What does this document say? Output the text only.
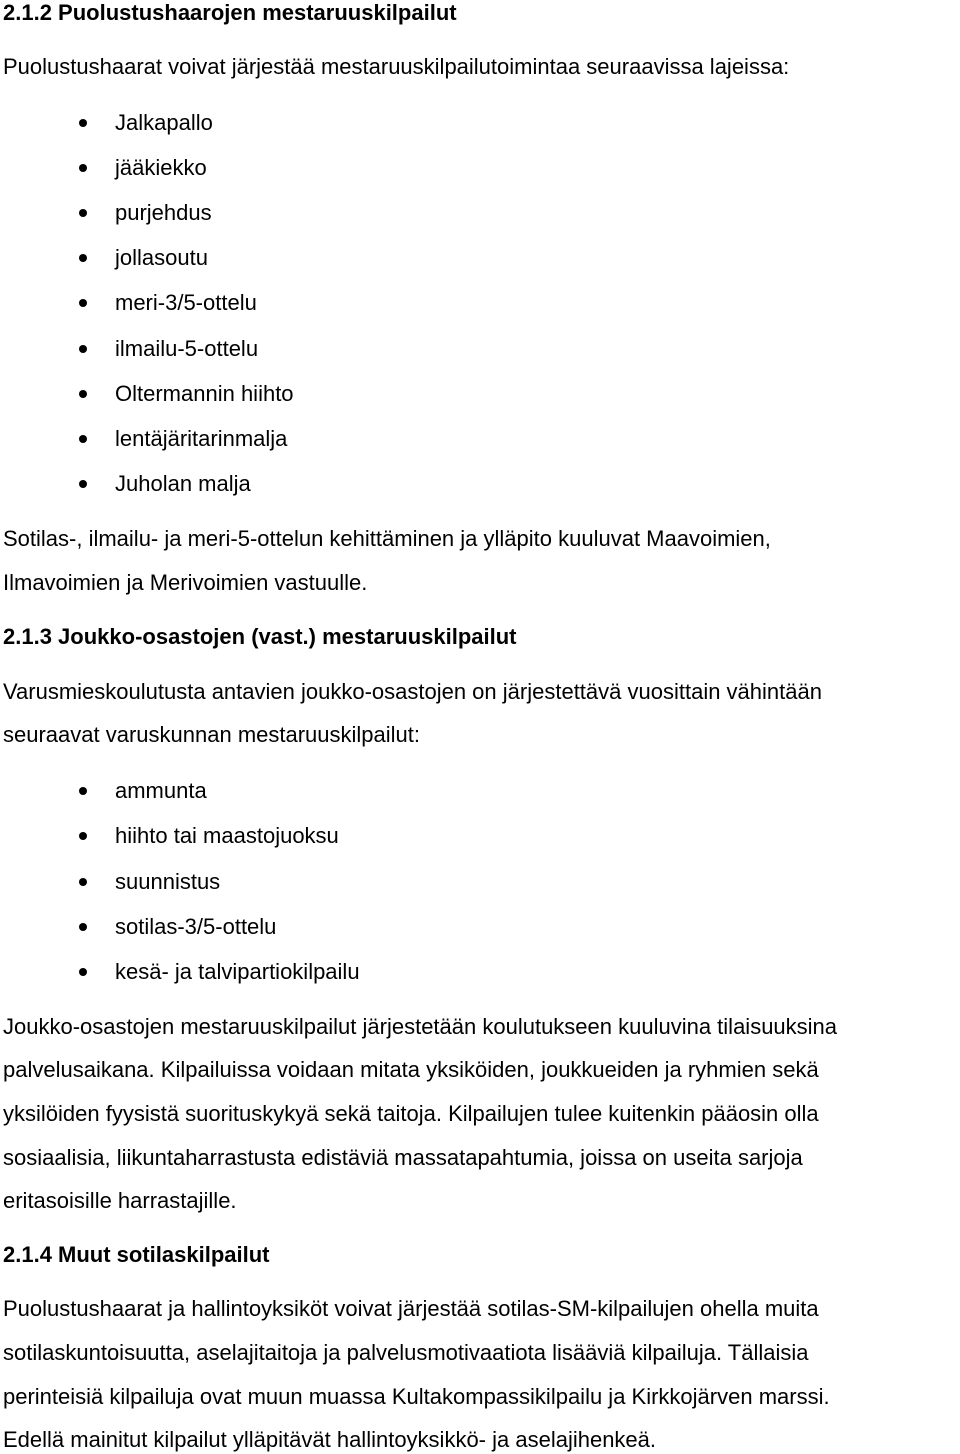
2.1.2 Puolustushaarojen mestaruuskilpailut
Puolustushaarat voivat järjestää mestaruuskilpailutoimintaa seuraavissa lajeissa:
Jalkapallo
jääkiekko
purjehdus
jollasoutu
meri-3/5-ottelu
ilmailu-5-ottelu
Oltermannin hiihto
lentäjäritarinmalja
Juholan malja
Sotilas-, ilmailu- ja meri-5-ottelun kehittäminen ja ylläpito kuuluvat Maavoimien,
Ilmavoimien ja Merivoimien vastuulle.
2.1.3 Joukko-osastojen (vast.) mestaruuskilpailut
Varusmieskoulutusta antavien joukko-osastojen on järjestettävä vuosittain vähintään
seuraavat varuskunnan mestaruuskilpailut:
ammunta
hiihto tai maastojuoksu
suunnistus
sotilas-3/5-ottelu
kesä- ja talvipartiokilpailu
Joukko-osastojen mestaruuskilpailut järjestetään koulutukseen kuuluvina tilaisuuksina
palvelusaikana. Kilpailuissa voidaan mitata yksiköiden, joukkueiden ja ryhmien sekä
yksilöiden fyysistä suorituskykyä sekä taitoja. Kilpailujen tulee kuitenkin pääosin olla
sosiaalisia, liikuntaharrastusta edistäviä massatapahtumia, joissa on useita sarjoja
eritasoisille harrastajille.
2.1.4 Muut sotilaskilpailut
Puolustushaarat ja hallintoyksiköt voivat järjestää sotilas-SM-kilpailujen ohella muita
sotilaskuntoisuutta, aselajitaitoja ja palvelusmotivaatiota lisääviä kilpailuja. Tällaisia
perinteisiä kilpailuja ovat muun muassa Kultakompassikilpailu ja Kirkkojärven marssi.
Edellä mainitut kilpailut ylläpitävät hallintoyksikkö- ja aselajihenkeä.
